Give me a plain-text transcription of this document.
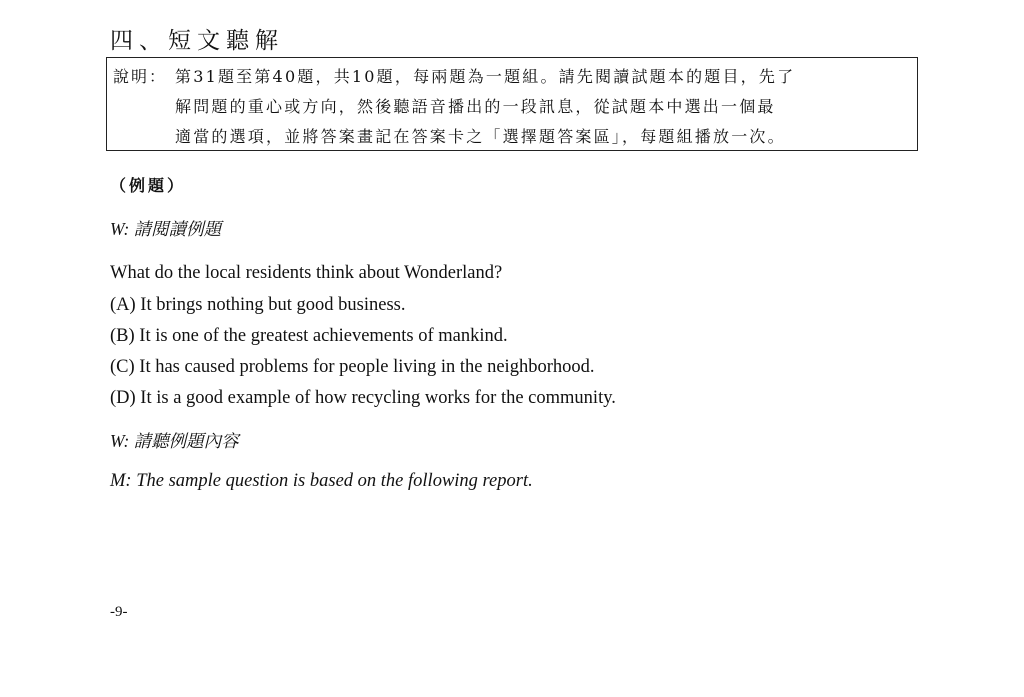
四、短文聽解
說明： 第31題至第40題，共10題，每兩題為一題組。請先閱讀試題本的題目，先了
解問題的重心或方向，然後聽語音播出的一段訊息，從試題本中選出一個最
適當的選項，並將答案畫記在答案卡之「選擇題答案區」，每題組播放一次。
（例題）
W: 請閱讀例題
What do the local residents think about Wonderland?
(A) It brings nothing but good business.
(B) It is one of the greatest achievements of mankind.
(C) It has caused problems for people living in the neighborhood.
(D) It is a good example of how recycling works for the community.
W: 請聽例題內容
M: The sample question is based on the following report.
-9-
